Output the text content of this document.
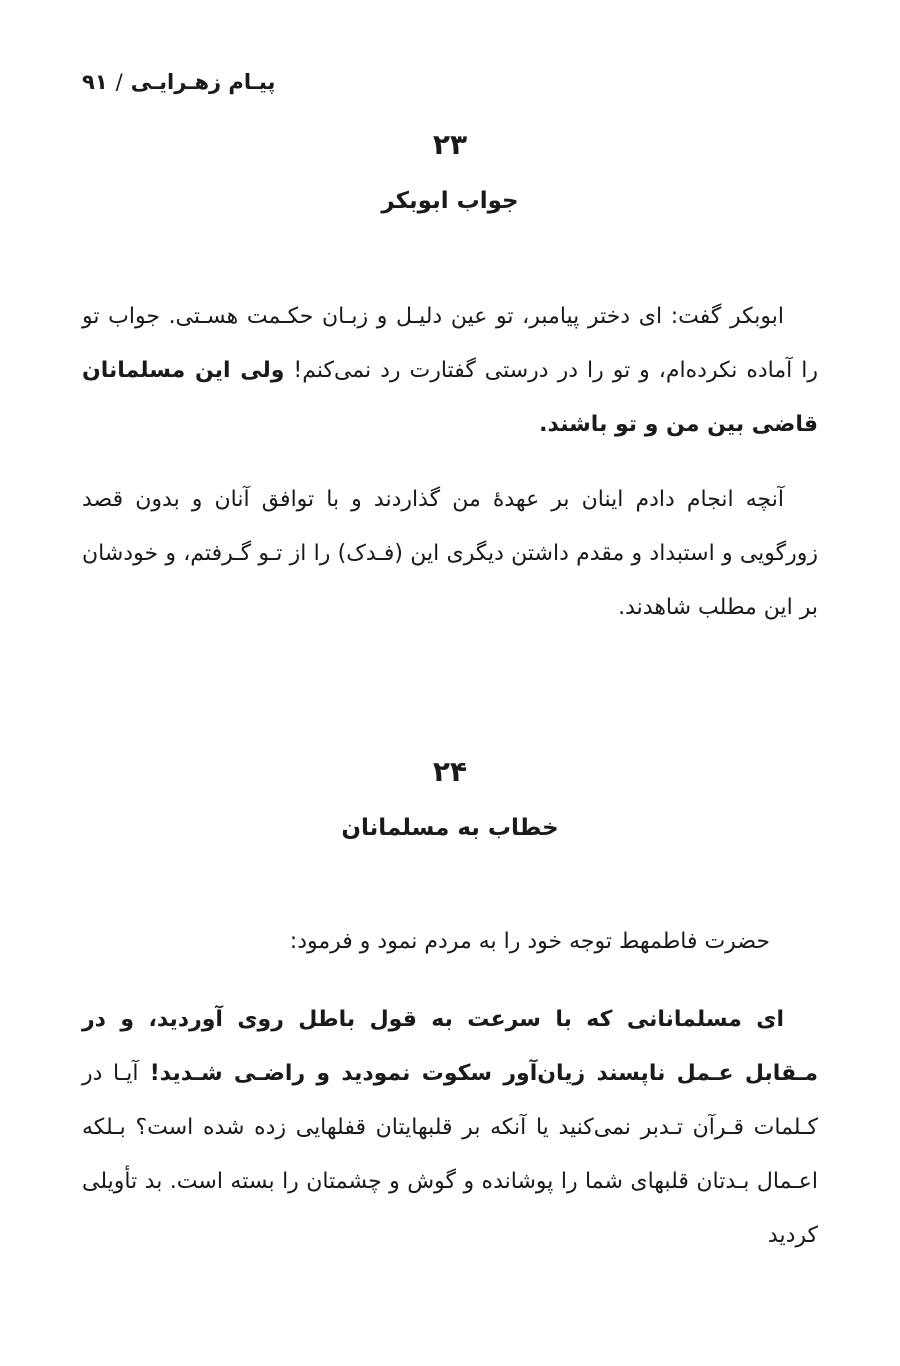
پیـام زهـرایـی/۹۱
۲۳
جواب ابوبکر
ابوبکر گفت: ای دختر پیامبر، تو عین دلیـل و زبـان حکـمت هسـتی. جواب تو را آماده نکرده‌ام، و تو را در درستی گفتارت رد نمی‌کنم! ولی این مسلمانان قاضی بین من و تو باشند.
آنچه انجام دادم اینان بر عهدهٔ من گذاردند و با توافق آنان و بدون قصد زورگویی و استبداد و مقدم داشتن دیگری این (فـدک) را از تـو گـرفتم، و خودشان بر این مطلب شاهدند.
۲۴
خطاب به مسلمانان
حضرت فاطمهط توجه خود را به مردم نمود و فرمود:
ای مسلمانانی که با سرعت به قول باطل روی آوردید، و در مـقابل عـمل ناپسند زیان‌آور سکوت نمودید و راضـی شـدید! آیـا در کـلمات قـرآن تـدبر نمی‌کنید یا آنکه بر قلبهایتان قفلهایی زده شده است؟ بـلکه اعـمال بـدتان قلبهای شما را پوشانده و گوش و چشمتان را بسته است. بد تأویلی کردید
